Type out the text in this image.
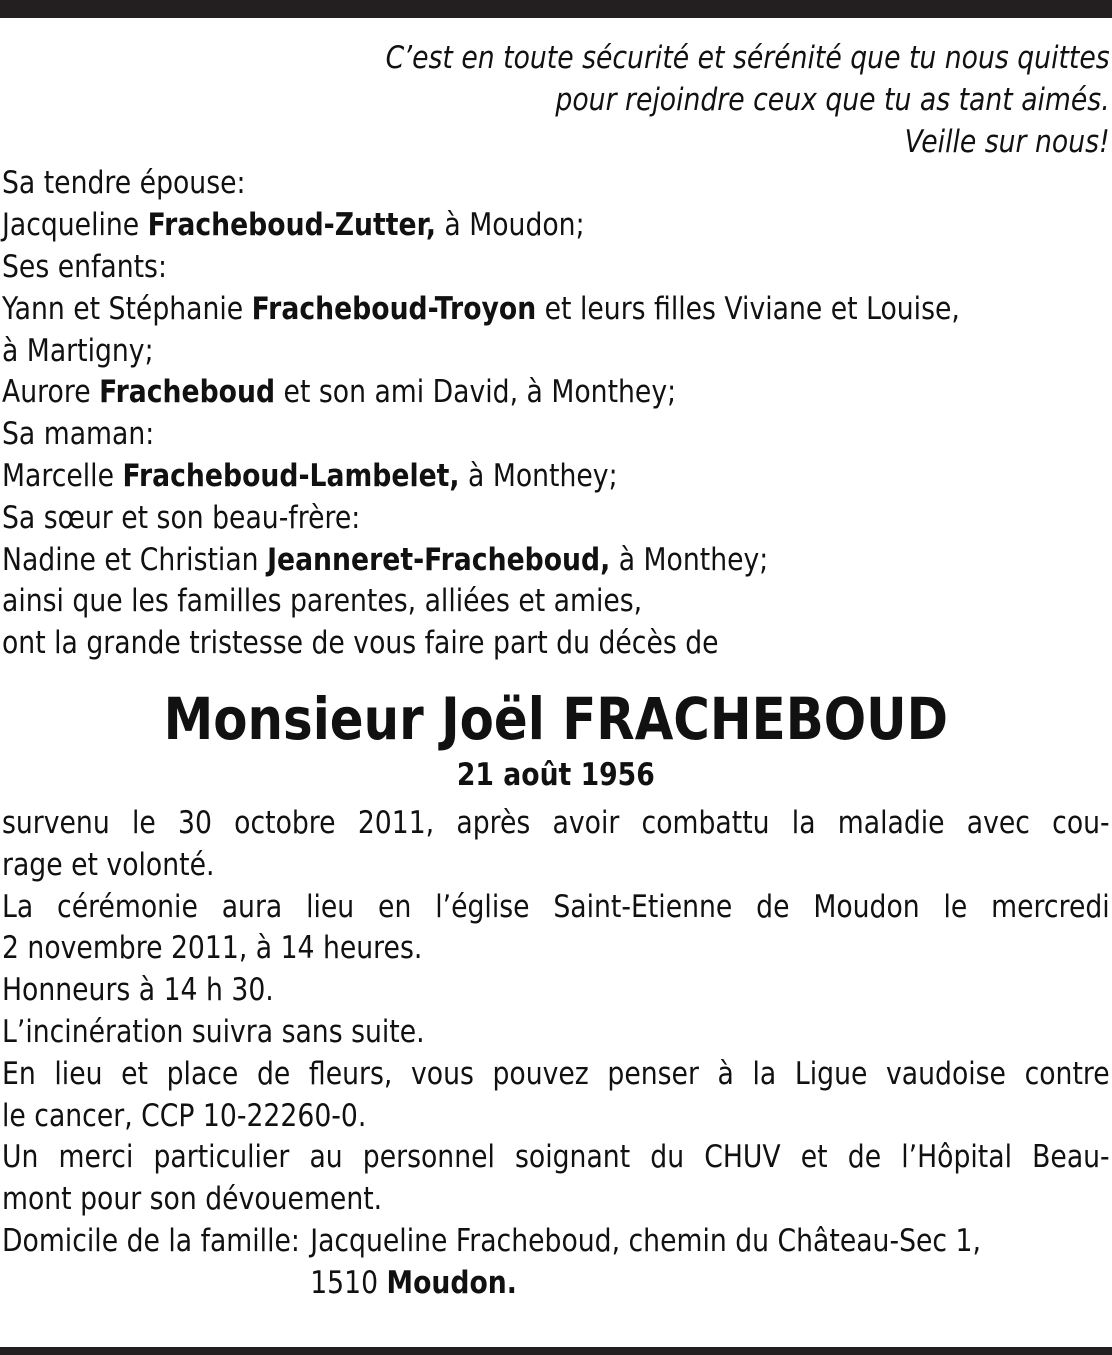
C’est en toute sécurité et sérénité que tu nous quittes
pour rejoindre ceux que tu as tant aimés.
Veille sur nous!
Sa tendre épouse:
Jacqueline Fracheboud-Zutter, à Moudon;
Ses enfants:
Yann et Stéphanie Fracheboud-Troyon et leurs filles Viviane et Louise,
à Martigny;
Aurore Fracheboud et son ami David, à Monthey;
Sa maman:
Marcelle Fracheboud-Lambelet, à Monthey;
Sa sœur et son beau-frère:
Nadine et Christian Jeanneret-Fracheboud, à Monthey;
ainsi que les familles parentes, alliées et amies,
ont la grande tristesse de vous faire part du décès de
Monsieur Joël FRACHEBOUD
21 août 1956
survenu le 30 octobre 2011, après avoir combattu la maladie avec cou-
rage et volonté.
La cérémonie aura lieu en l’église Saint-Etienne de Moudon le mercredi
2 novembre 2011, à 14 heures.
Honneurs à 14 h 30.
L’incinération suivra sans suite.
En lieu et place de fleurs, vous pouvez penser à la Ligue vaudoise contre
le cancer, CCP 10-22260-0.
Un merci particulier au personnel soignant du CHUV et de l’Hôpital Beau-
mont pour son dévouement.
Domicile de la famille: Jacqueline Fracheboud, chemin du Château-Sec 1,
1510 Moudon.
